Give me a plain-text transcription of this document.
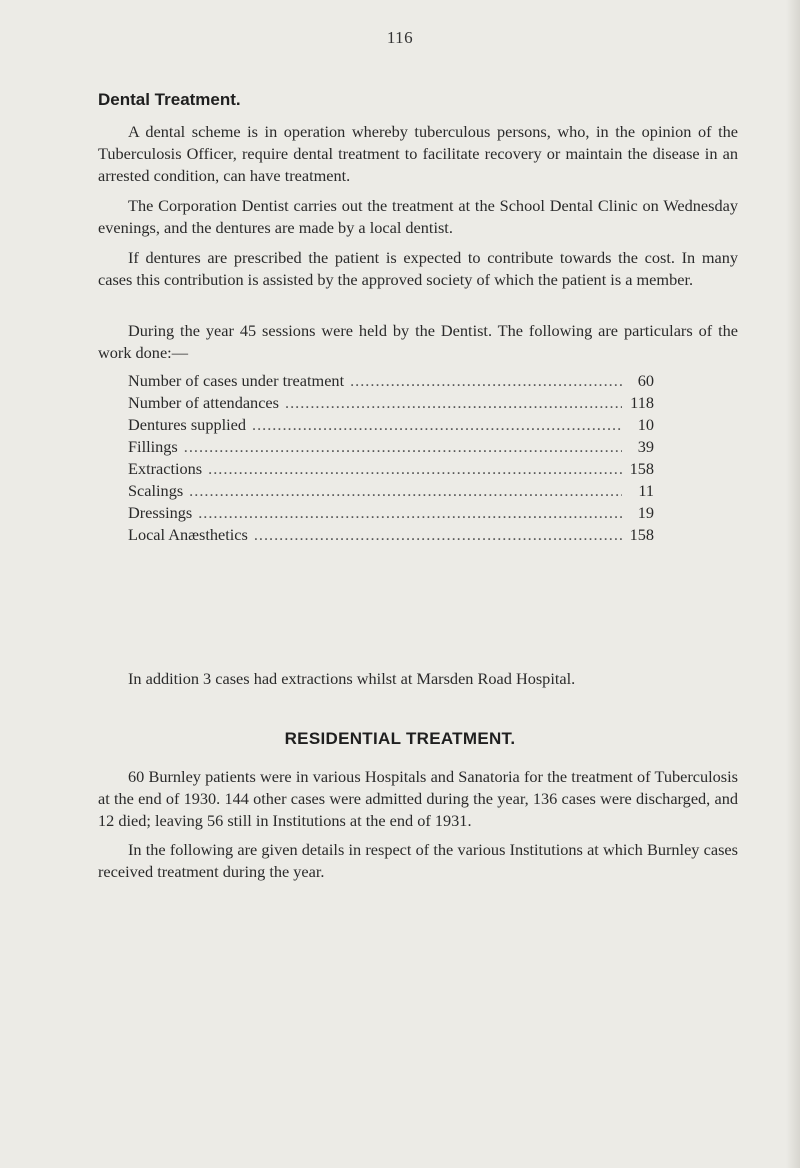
116
Dental Treatment.

A dental scheme is in operation whereby tuberculous persons, who, in the opinion of the Tuberculosis Officer, require dental treatment to facilitate recovery or maintain the disease in an arrested condition, can have treatment.

The Corporation Dentist carries out the treatment at the School Dental Clinic on Wednesday evenings, and the dentures are made by a local dentist.

If dentures are prescribed the patient is expected to contribute towards the cost. In many cases this contribution is assisted by the approved society of which the patient is a member.

During the year 45 sessions were held by the Dentist. The following are particulars of the work done:—

Number of cases under treatment .....	60
Number of attendances .....	118
Dentures supplied .....	10
Fillings .....	39
Extractions .....	158
Scalings .....	11
Dressings .....	19
Local Anæsthetics .....	158

In addition 3 cases had extractions whilst at Marsden Road Hospital.

RESIDENTIAL TREATMENT.

60 Burnley patients were in various Hospitals and Sanatoria for the treatment of Tuberculosis at the end of 1930. 144 other cases were admitted during the year, 136 cases were discharged, and 12 died; leaving 56 still in Institutions at the end of 1931.

In the following are given details in respect of the various Institutions at which Burnley cases received treatment during the year.
